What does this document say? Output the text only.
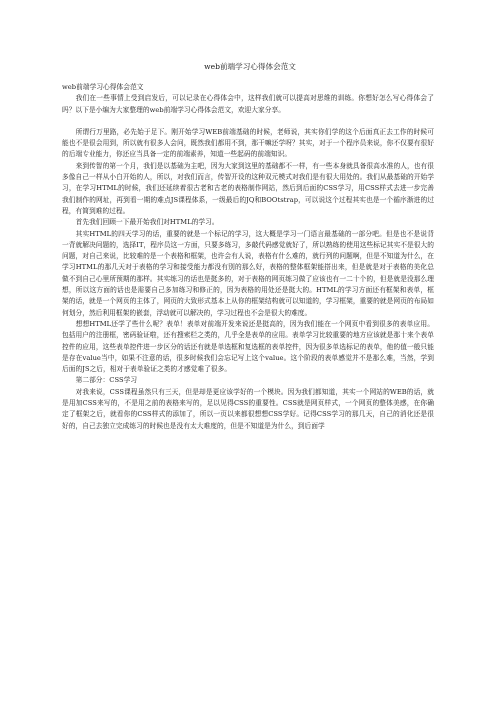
web前端学习心得体会范文

web前端学习心得体会范文

我们在一些事情上受到启发后，可以记录在心得体会中，这样我们就可以提高对思维的训练。你想好怎么写心得体会了吗？以下是小编为大家整理的web前端学习心得体会范文，欢迎大家分享。

所谓行万里路，必先始于足下。刚开始学习WEB前端基础的时候，老师说，其实你们学的这个后面真正去工作的时候可能也不是很会用到，所以就有很多人会问，既然我们都用不到，那干嘛还学呀？其实，对于一个程序员来说，你不仅要有很好的后端专业能力，你还应当具备一定的前端素养，知道一些起码的前端知识。

来到传智的第一个月，我们是以基础为主吧，因为大家到这里的基础都不一样，有一些本身就具备很高水准的人，也有很多像自己一样从小白开始的人，所以，对我们而言，传智开设的这种双元模式对我们是有很大用处的。我们从最基础的开始学习，在学习HTML的时候，我们还延续着很古老和古老的表格制作网站，然后到后面的CSS学习，用CSS样式去进一步完善我们制作的网址，再到看一期的难点JS课程体系，一级最后的JQ和BOOtstrap，可以说这个过程其实也是一个循序渐进的过程，有简到难的过程。

首先我们回顾一下最开始我们对HTML的学习。

其实HTML的四天学习的话，重要的就是一个标记的学习，这大概是学习一门语言最基础的一部分吧。但是也不是说背一背就解决问题的，选择IT，程序员这一方面，只要多练习，多敲代码感觉就好了，所以熟练的使用这些标记其实不是很大的问题，对自己来说，比较难的是一个表格和框架，也许会有人说，表格有什么难的，就行列的问题啊，但是不知道为什么，在学习HTML的那几天对于表格的学习和接受能力都没有别的那么好，表格的整体框架能搭出来，但是就是对于表格的美化总做不到自己心里所预期的那样。其实练习的话也是挺多的，对于表格的网页练习做了应该也有一二十个的，但是就是没那么理想，所以这方面的话也是需要自己多加练习和修正的，因为表格的用处还是挺大的。HTML的学习方面还有框架和表单，框架的话，就是一个网页的主体了，网页的大致形式基本上从你的框架结构就可以知道的，学习框架，重要的就是网页的布局如何划分，然后利用框架的嵌套，浮动就可以解决的，学习过程也不会是很大的难度。

想想HTML还学了些什么呢？表单！表单对前端开发来说还是挺高的，因为我们能在一个网页中看到很多的表单应用。包括用户的注册框，密码验证啦，还有搜索栏之类的，几乎全是表单的应用。表单学习比较重要的地方应该就是那十来个表单控件的应用，这些表单控件进一步区分的话还有就是单选框和复选框的表单控件，因为很多单选标记的表单，他的值一般只能是存在value当中，如果不注意的话，很多时候我们会忘记写上这个value。这个阶段的表单感觉并不是那么难，当然，学到后面的JS之后，相对于表单验证之类的才感觉难了很多。

第二部分：CSS学习

对我来说，CSS课程虽然只有三天，但是却是更应该学好的一个模块。因为我们都知道，其实一个网站的WEB的话，就是用加CSS来写的，不是用之前的表格来写的，足以见得CSS的重要性。CSS就是网页样式，一个网页的整体美感，在你确定了框架之后，就看你的CSS样式的添加了，所以一页以来都很想想CSS学好。记得CSS学习的那几天，自己的消化还是很好的，自己去独立完成练习的时候也是没有太大难度的，但是不知道是为什么，到后面学
